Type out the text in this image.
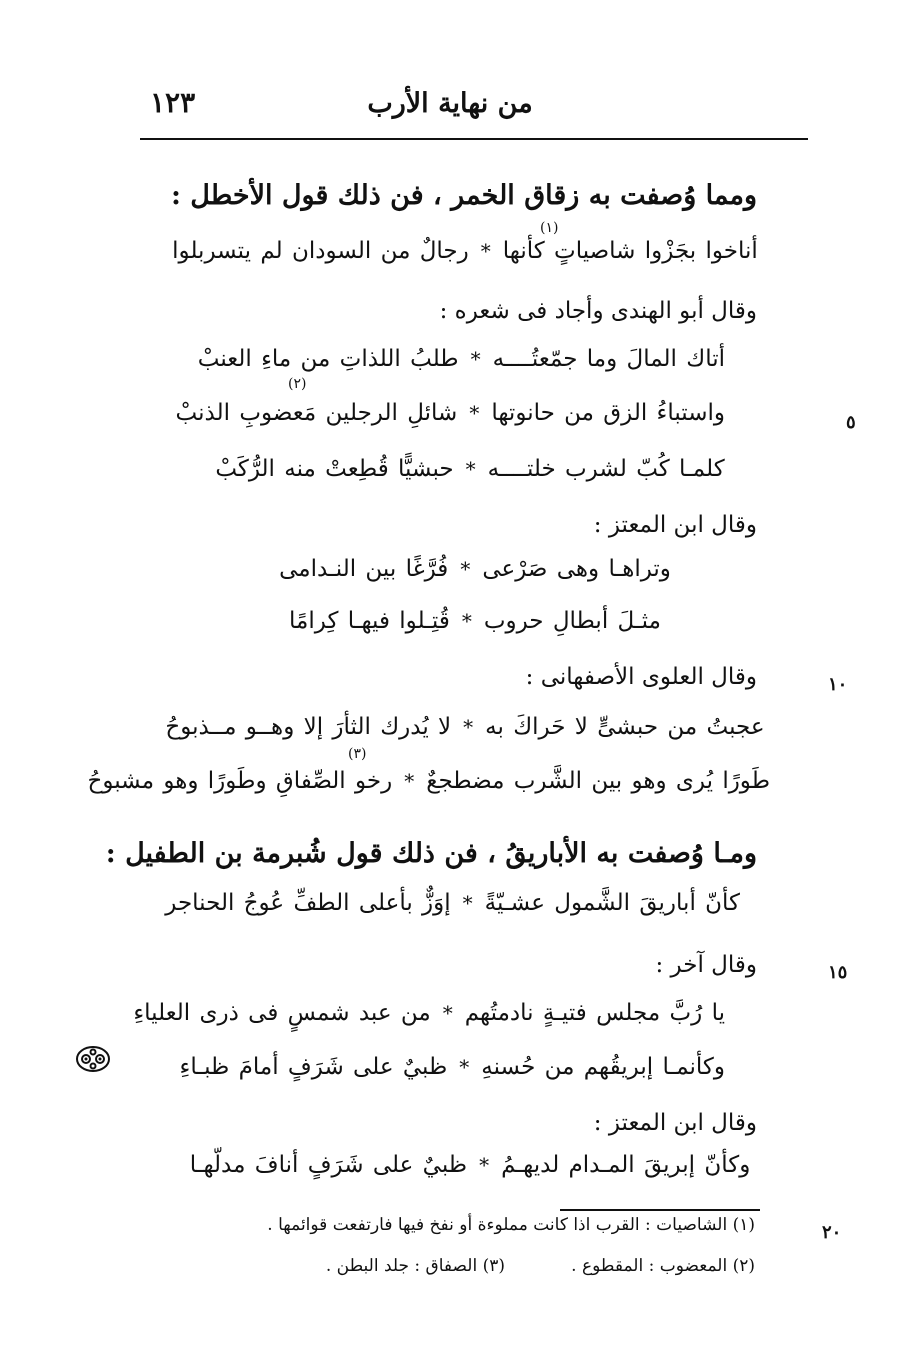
من نهاية الأرب
١٢٣
ومما وُصفت به زقاق الخمر ، فن ذلك قول الأخطل :
أناخوا بجَزْوا شاصياتٍ كأنها*رجالٌ من السودان لم يتسربلوا
(١)
وقال أبو الهندى وأجاد فى شعره :
أتاك المالَ وما جمّعتُــــه*طلبُ اللذاتِ من ماءِ العنبْ
واستباءُ الزق من حانوتها*شائلِ الرجلين مَعضوبِ الذنبْ
(٢)
٥
كلمـا كُبّ لشرب خلتــــه*حبشيًّا قُطِعتْ منه الرُّكَبْ
وقال ابن المعتز :
وتراهـا وهى صَرْعى*فُرَّغًا بين النـدامى
مثـلَ أبطالِ حروب*قُتِـلوا فيهـا كِرامًا
وقال العلوى الأصفهانى :	١٠
عجبتُ من حبشىٍّ لا حَراكَ به*لا يُدرك الثأرَ إلا وهــو مــذبوحُ
طَورًا يُرى وهو بين الشَّرب مضطجعٌ*رخو الصِّفاقِ وطَورًا وهو مشبوحُ
(٣)
ومـا وُصفت به الأباريقُ ، فن ذلك قول شُبرمة بن الطفيل :
كأنّ أباريقَ الشَّمول عشـيّةً*إوَزٌّ بأعلى الطفِّ عُوجُ الحناجر
وقال آخر :	١٥
يا رُبَّ مجلس فتيـةٍ نادمتُهم*من عبد شمسٍ فى ذرى العلياءِ
وكأنمـا إبريقُهم من حُسنهِ*ظبيٌ على شَرَفٍ أمامَ ظبـاءِ
وقال ابن المعتز :
وكأنّ إبريقَ المـدام لديهـمُ*ظبيٌ على شَرَفٍ أنافَ مدلّهـا
(١) الشاصيات : القرب اذا كانت مملوءة أو نفخ فيها فارتفعت قوائمها .	٢٠
(٢) المعضوب : المقطوع .
(٣) الصفاق : جلد البطن .
